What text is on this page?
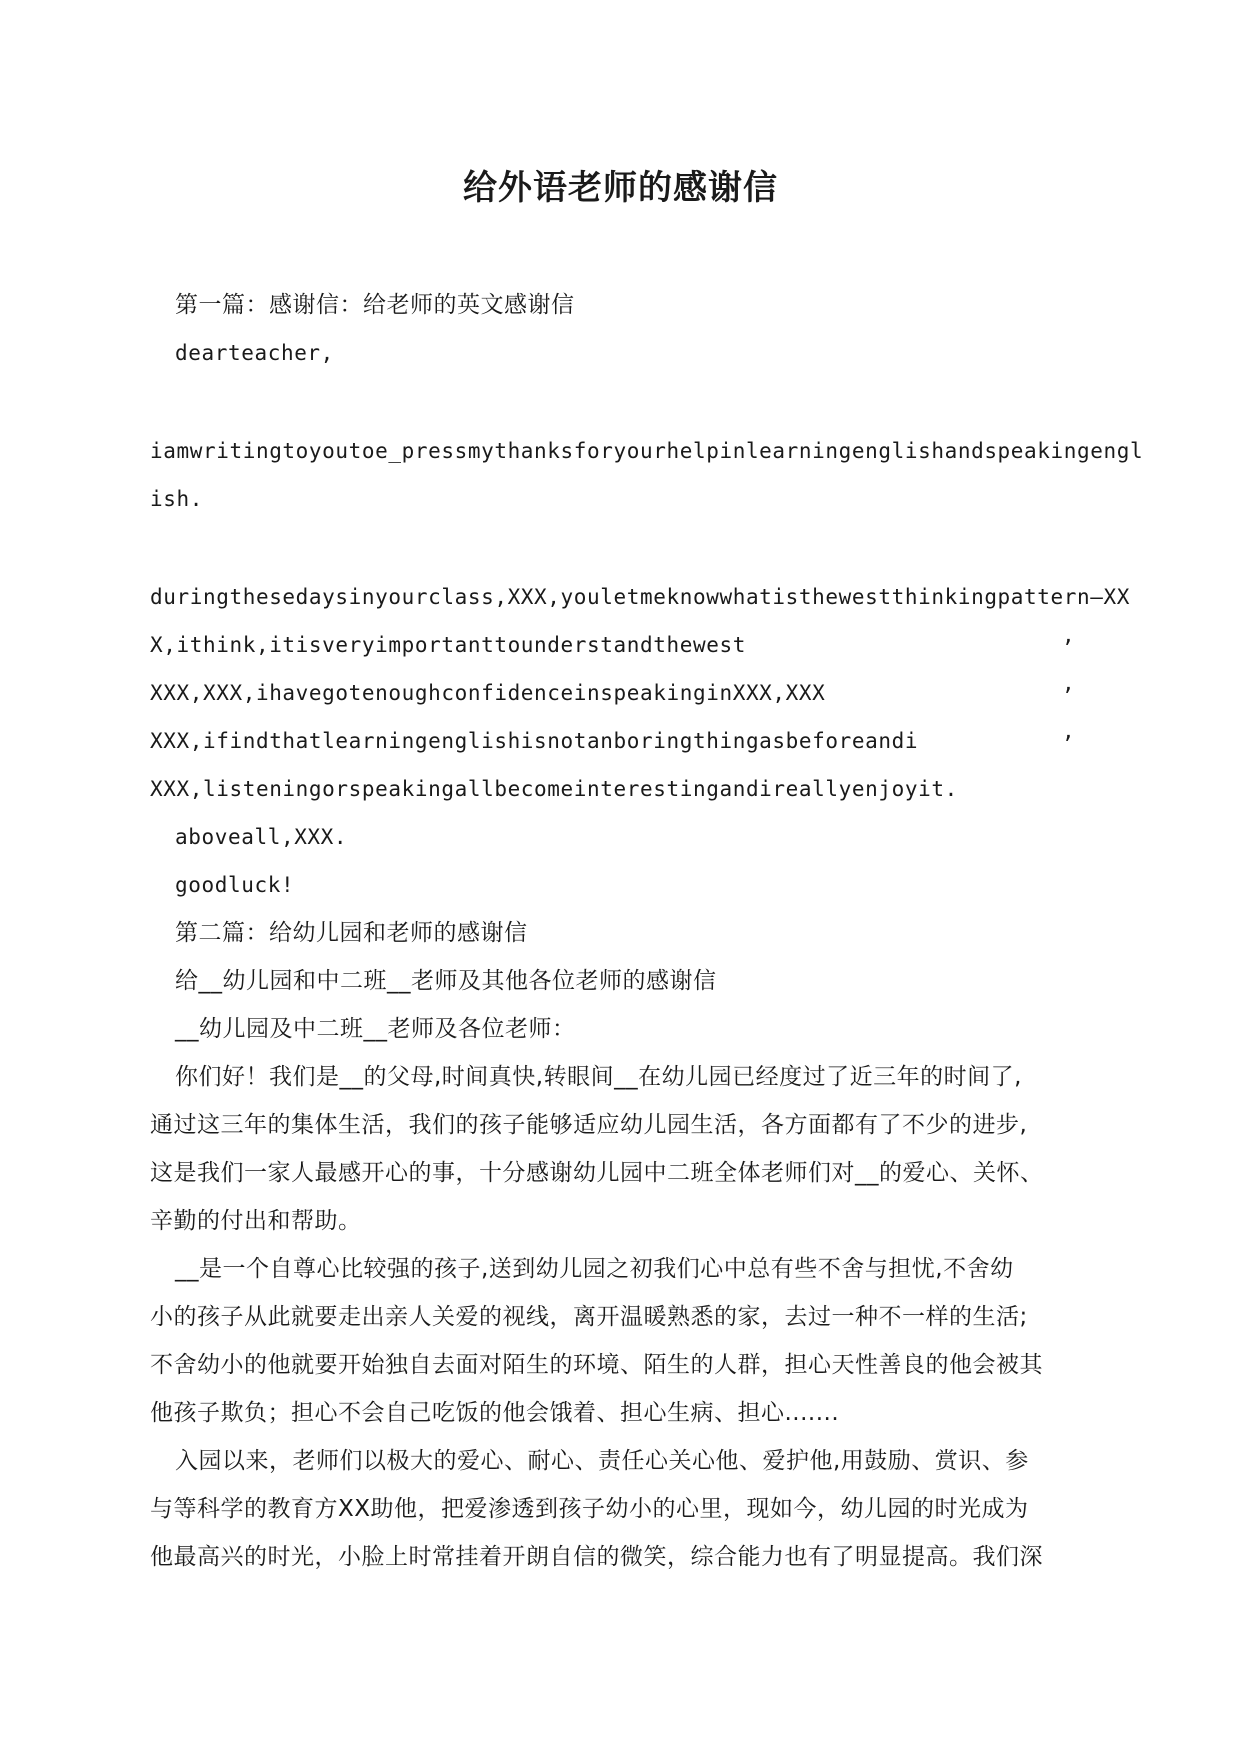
给外语老师的感谢信

第一篇：感谢信：给老师的英文感谢信

dearteacher,

iamwritingtoyoutoe_pressmythanksforyourhelpinlearningenglishandspeakingengl

ish.

duringthesedaysinyourclass,XXX,youletmeknowwhatisthewestthinkingpattern—XX

X,ithink,itisveryimportanttounderstandthewest	,

XXX,XXX,ihavegotenoughconfidenceinspeakinginXXX,XXX	,

XXX,ifindthatlearningenglishisnotanboringthingasbeforeandi	,

XXX,listeningorspeakingallbecomeinterestingandireallyenjoyit.

aboveall,XXX.

goodluck!

第二篇：给幼儿园和老师的感谢信

给__幼儿园和中二班__老师及其他各位老师的感谢信

__幼儿园及中二班__老师及各位老师：

你们好！我们是__的父母,时间真快,转眼间__在幼儿园已经度过了近三年的时间了,

通过这三年的集体生活，我们的孩子能够适应幼儿园生活，各方面都有了不少的进步,

这是我们一家人最感开心的事，十分感谢幼儿园中二班全体老师们对__的爱心、关怀、

辛勤的付出和帮助。

__是一个自尊心比较强的孩子,送到幼儿园之初我们心中总有些不舍与担忧,不舍幼

小的孩子从此就要走出亲人关爱的视线，离开温暖熟悉的家，去过一种不一样的生活;

不舍幼小的他就要开始独自去面对陌生的环境、陌生的人群，担心天性善良的他会被其

他孩子欺负；担心不会自己吃饭的他会饿着、担心生病、担心.......

入园以来，老师们以极大的爱心、耐心、责任心关心他、爱护他,用鼓励、赏识、参

与等科学的教育方XX助他，把爱渗透到孩子幼小的心里，现如今，幼儿园的时光成为

他最高兴的时光，小脸上时常挂着开朗自信的微笑，综合能力也有了明显提高。我们深
